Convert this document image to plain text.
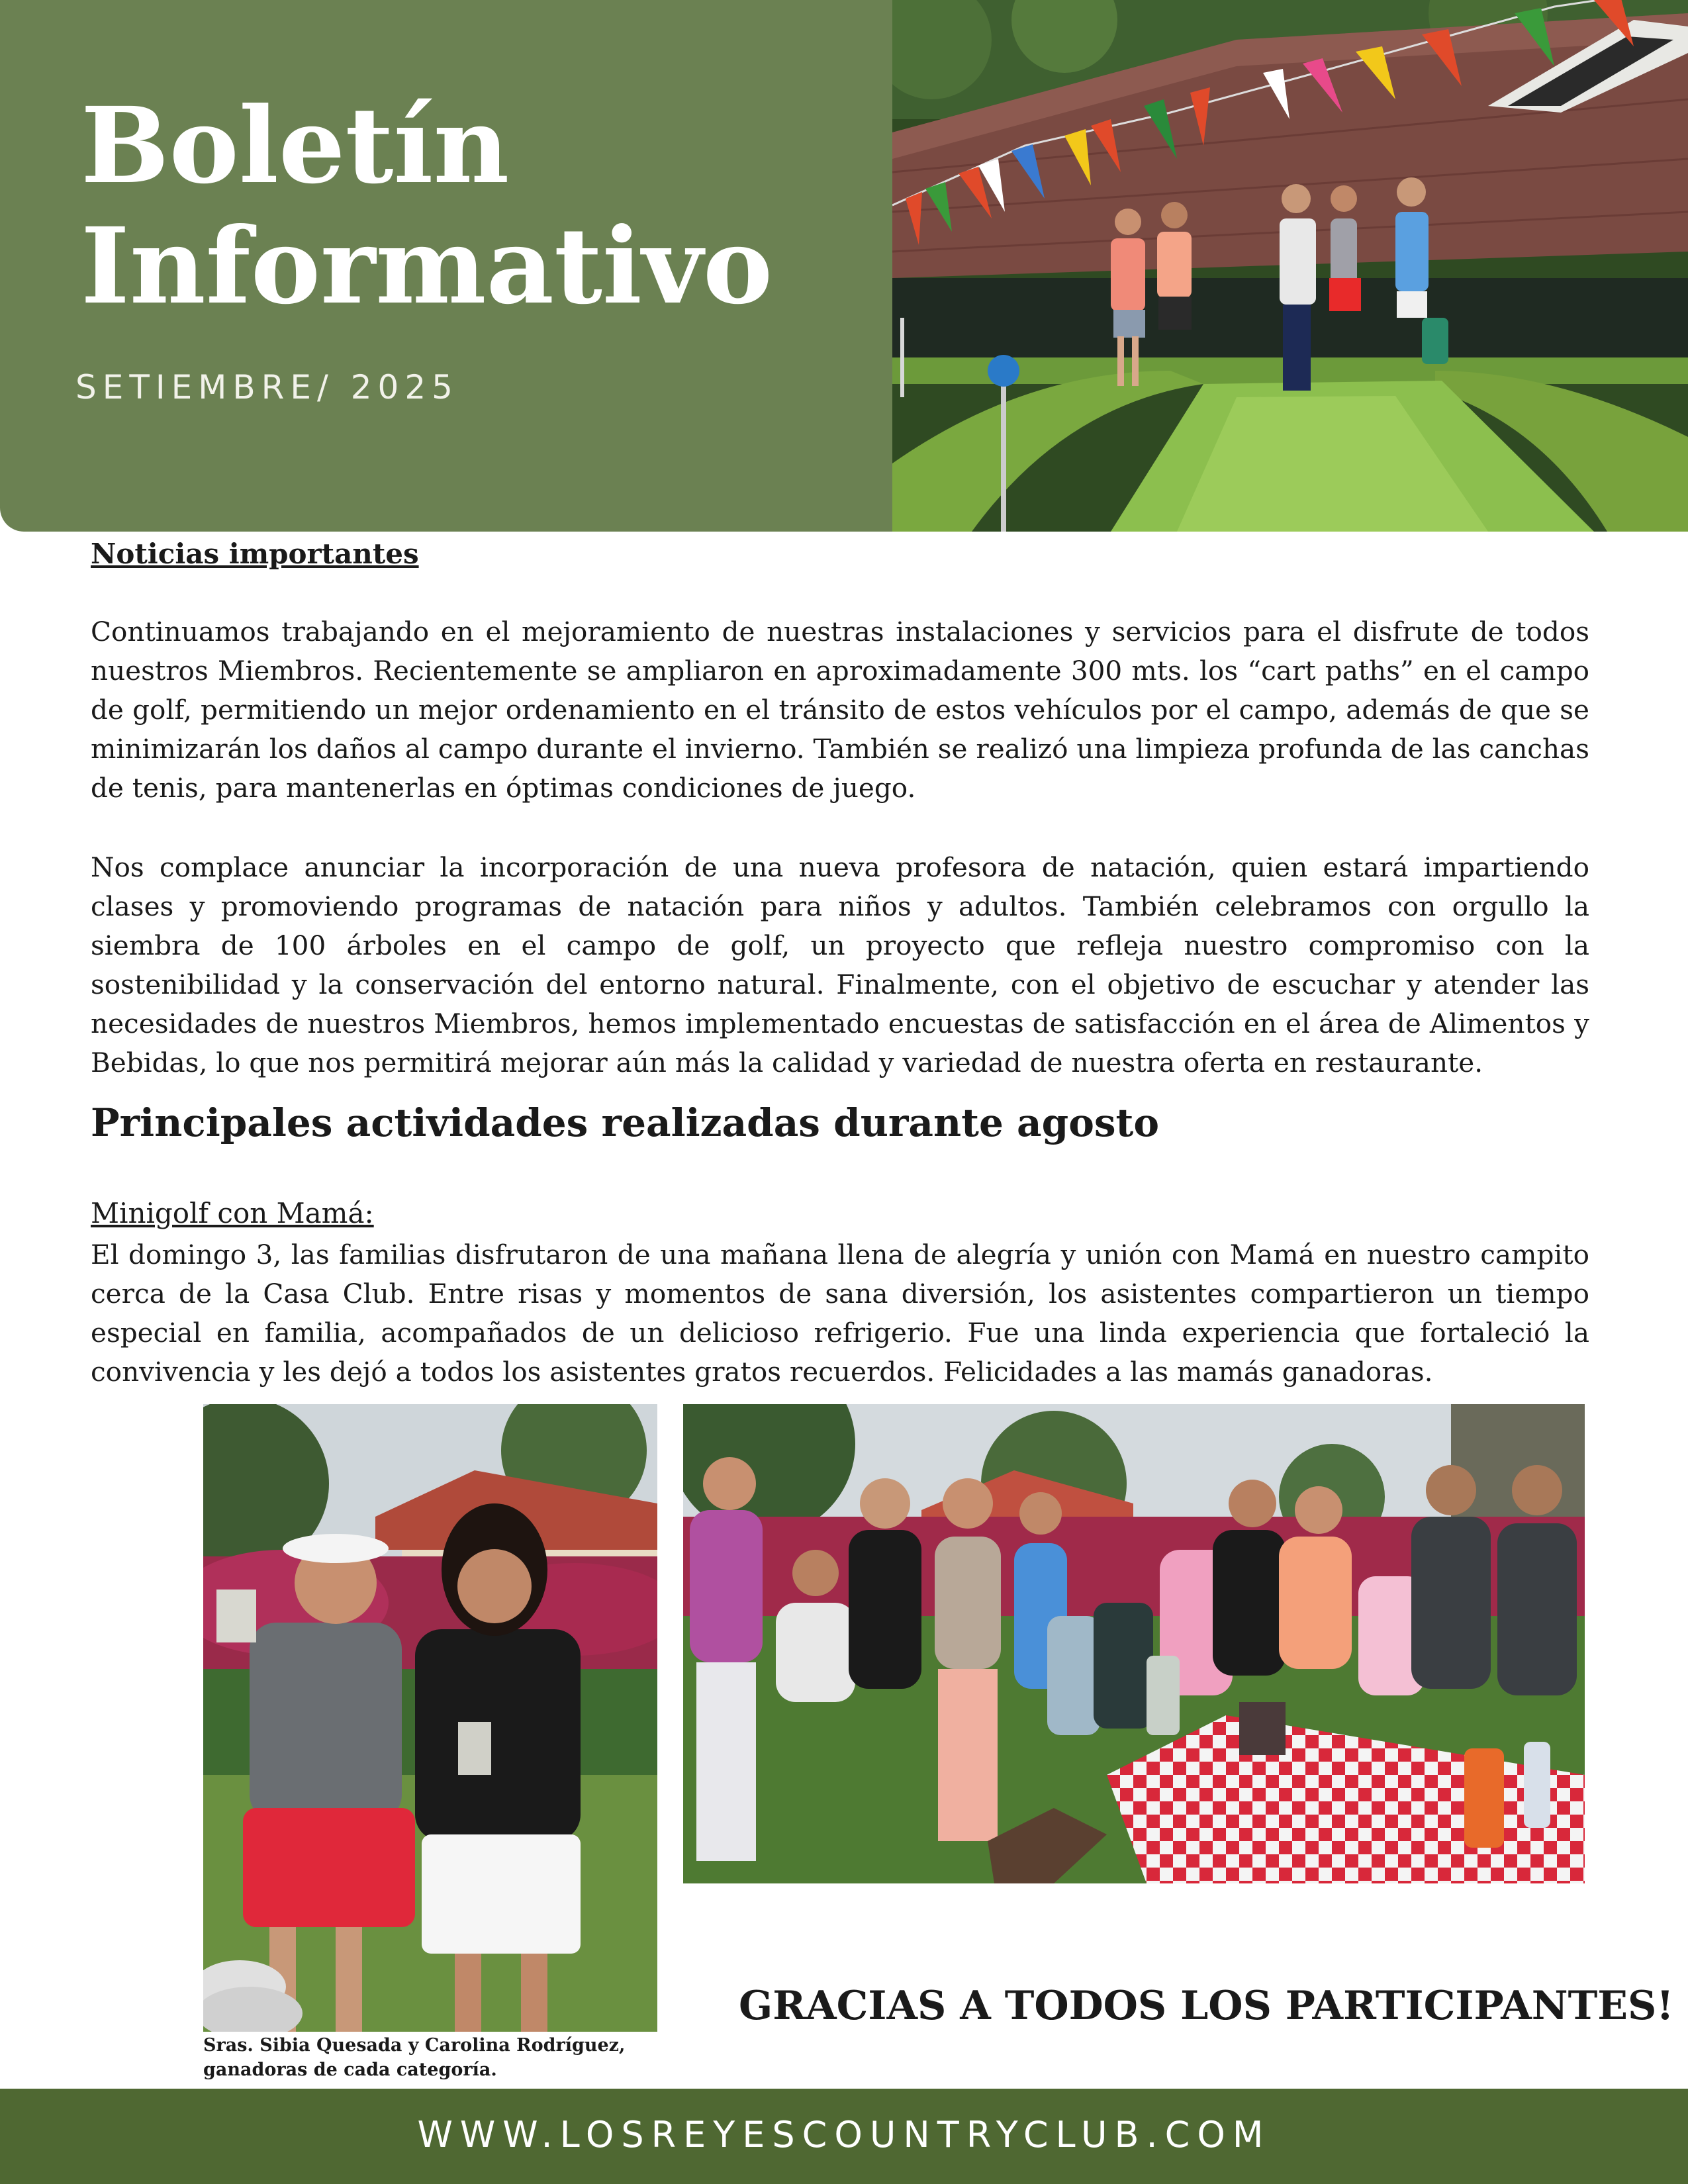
Boletín
Informativo
SETIEMBRE/ 2025
Noticias importantes

Continuamos trabajando en el mejoramiento de nuestras instalaciones y servicios para el disfrute de todos nuestros Miembros. Recientemente se ampliaron en aproximadamente 300 mts. los “cart paths” en el campo de golf, permitiendo un mejor ordenamiento en el tránsito de estos vehículos por el campo, además de que se minimizarán los daños al campo durante el invierno. También se realizó una limpieza profunda de las canchas de tenis, para mantenerlas en óptimas condiciones de juego.

Nos complace anunciar la incorporación de una nueva profesora de natación, quien estará impartiendo clases y promoviendo programas de natación para niños y adultos. También celebramos con orgullo la siembra de 100 árboles en el campo de golf, un proyecto que refleja nuestro compromiso con la sostenibilidad y la conservación del entorno natural. Finalmente, con el objetivo de escuchar y atender las necesidades de nuestros Miembros, hemos implementado encuestas de satisfacción en el área de Alimentos y Bebidas, lo que nos permitirá mejorar aún más la calidad y variedad de nuestra oferta en restaurante.

Principales actividades realizadas durante agosto
Minigolf con Mamá:

El domingo 3, las familias disfrutaron de una mañana llena de alegría y unión con Mamá en nuestro campito cerca de la Casa Club. Entre risas y momentos de sana diversión, los asistentes compartieron un tiempo especial en familia, acompañados de un delicioso refrigerio. Fue una linda experiencia que fortaleció la convivencia y les dejó a todos los asistentes gratos recuerdos. Felicidades a las mamás ganadoras.

Sras. Sibia Quesada y Carolina Rodríguez,
ganadoras de cada categoría.

GRACIAS A TODOS LOS PARTICIPANTES!
WWW.LOSREYESCOUNTRYCLUB.COM
